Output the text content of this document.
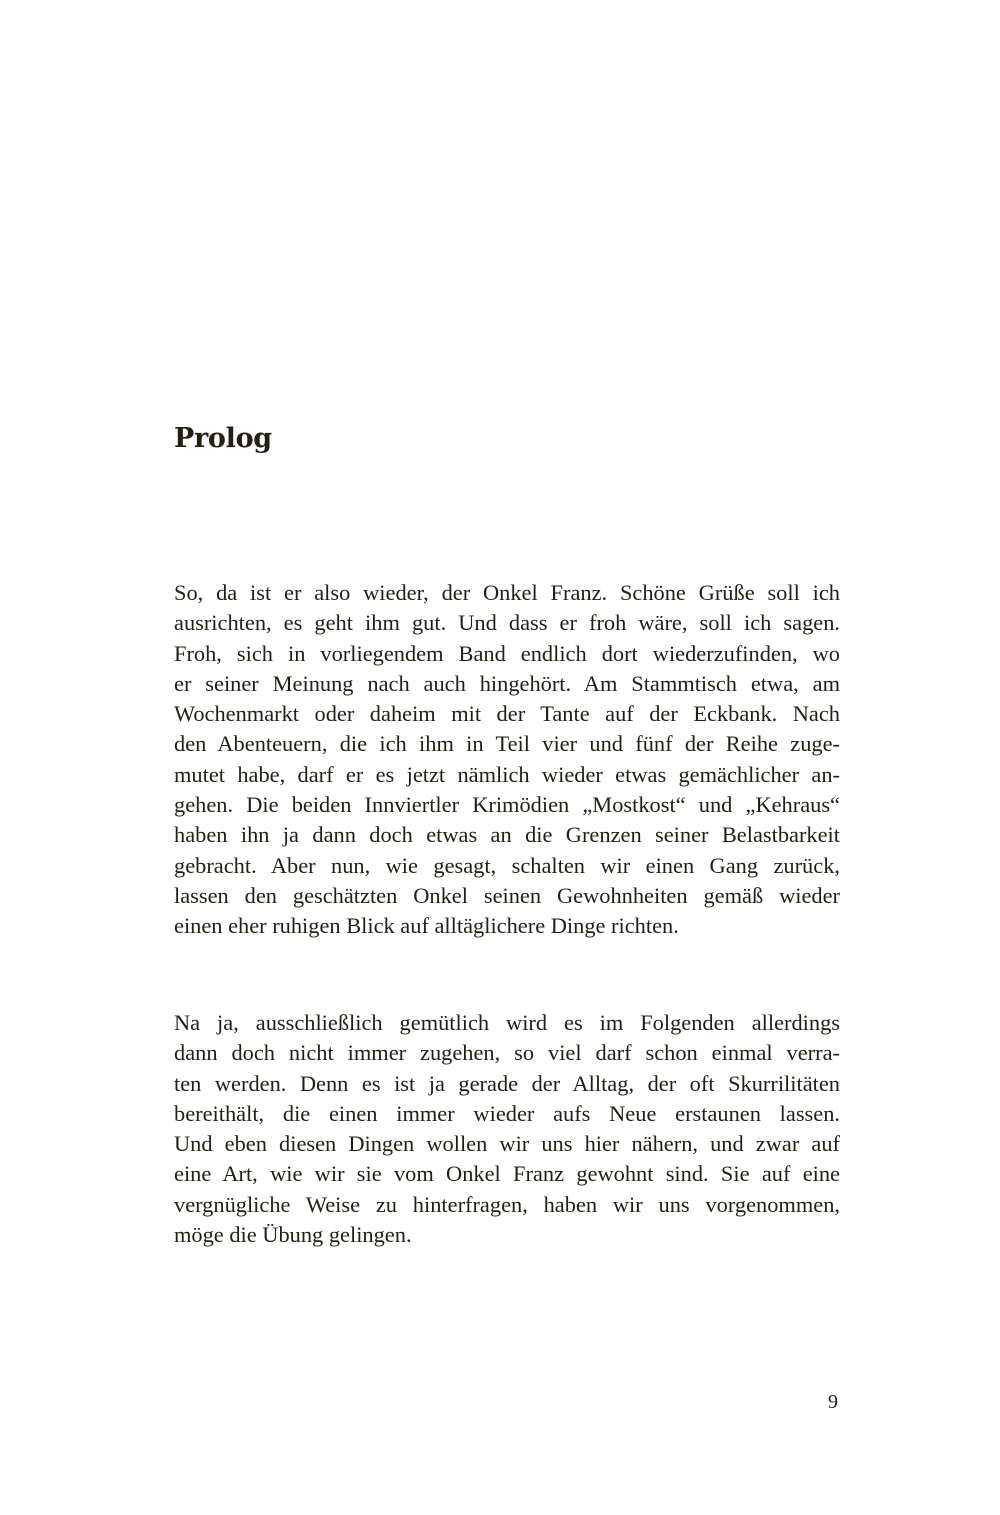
Prolog
So, da ist er also wieder, der Onkel Franz. Schöne Grüße soll ich
ausrichten, es geht ihm gut. Und dass er froh wäre, soll ich sagen.
Froh, sich in vorliegendem Band endlich dort wiederzufinden, wo
er seiner Meinung nach auch hingehört. Am Stammtisch etwa, am
Wochenmarkt oder daheim mit der Tante auf der Eckbank. Nach
den Abenteuern, die ich ihm in Teil vier und fünf der Reihe zuge-
mutet habe, darf er es jetzt nämlich wieder etwas gemächlicher an-
gehen. Die beiden Innviertler Krimödien „Mostkost“ und „Kehraus“
haben ihn ja dann doch etwas an die Grenzen seiner Belastbarkeit
gebracht. Aber nun, wie gesagt, schalten wir einen Gang zurück,
lassen den geschätzten Onkel seinen Gewohnheiten gemäß wieder
einen eher ruhigen Blick auf alltäglichere Dinge richten.
Na ja, ausschließlich gemütlich wird es im Folgenden allerdings
dann doch nicht immer zugehen, so viel darf schon einmal verra-
ten werden. Denn es ist ja gerade der Alltag, der oft Skurrilitäten
bereithält, die einen immer wieder aufs Neue erstaunen lassen.
Und eben diesen Dingen wollen wir uns hier nähern, und zwar auf
eine Art, wie wir sie vom Onkel Franz gewohnt sind. Sie auf eine
vergnügliche Weise zu hinterfragen, haben wir uns vorgenommen,
möge die Übung gelingen.
9
